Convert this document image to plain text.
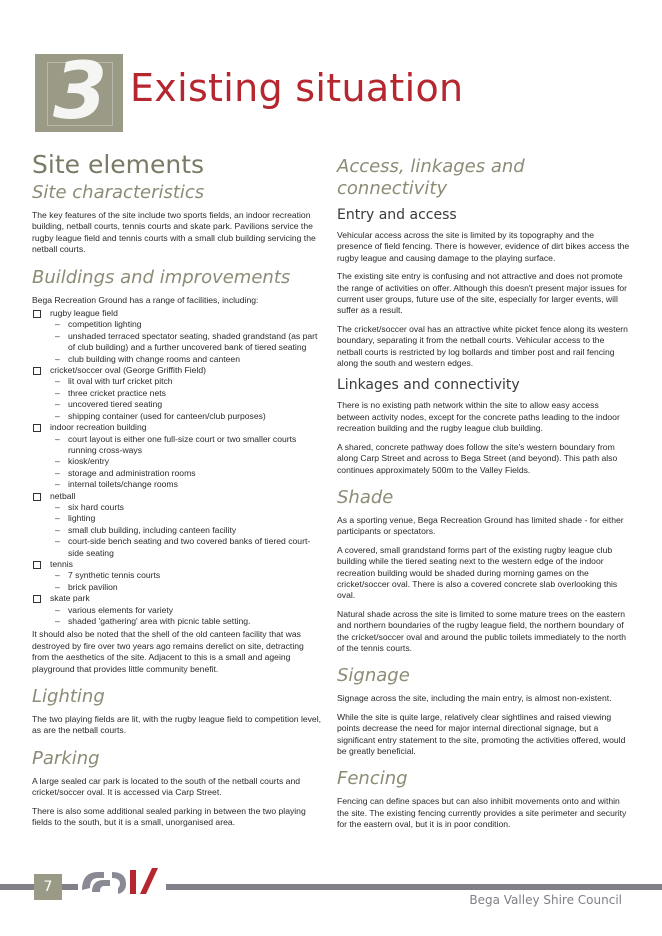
3 Existing situation
Site elements
Site characteristics

The key features of the site include two sports fields, an indoor recreation building, netball courts, tennis courts and skate park. Pavilions service the rugby league field and tennis courts with a small club building servicing the netball courts.

Buildings and improvements

Bega Recreation Ground has a range of facilities, including:

rugby league field
– competition lighting
– unshaded terraced spectator seating, shaded grandstand (as part of club building) and a further uncovered bank of tiered seating
– club building with change rooms and canteen
cricket/soccer oval (George Griffith Field)
– lit oval with turf cricket pitch
– three cricket practice nets
– uncovered tiered seating
– shipping container (used for canteen/club purposes)
indoor recreation building
– court layout is either one full-size court or two smaller courts running cross-ways
– kiosk/entry
– storage and administration rooms
– internal toilets/change rooms
netball
– six hard courts
– lighting
– small club building, including canteen facility
– court-side bench seating and two covered banks of tiered court-side seating
tennis
– 7 synthetic tennis courts
– brick pavilion
skate park
– various elements for variety
– shaded 'gathering' area with picnic table setting.

It should also be noted that the shell of the old canteen facility that was destroyed by fire over two years ago remains derelict on site, detracting from the aesthetics of the site. Adjacent to this is a small and ageing playground that provides little community benefit.

Lighting

The two playing fields are lit, with the rugby league field to competition level, as are the netball courts.

Parking

A large sealed car park is located to the south of the netball courts and cricket/soccer oval. It is accessed via Carp Street.

There is also some additional sealed parking in between the two playing fields to the south, but it is a small, unorganised area.

Access, linkages and connectivity
Entry and access

Vehicular access across the site is limited by its topography and the presence of field fencing. There is however, evidence of dirt bikes access the rugby league and causing damage to the playing surface.

The existing site entry is confusing and not attractive and does not promote the range of activities on offer. Although this doesn't present major issues for current user groups, future use of the site, especially for larger events, will suffer as a result.

The cricket/soccer oval has an attractive white picket fence along its western boundary, separating it from the netball courts. Vehicular access to the netball courts is restricted by log bollards and timber post and rail fencing along the south and western edges.

Linkages and connectivity

There is no existing path network within the site to allow easy access between activity nodes, except for the concrete paths leading to the indoor recreation building and the rugby league club building.

A shared, concrete pathway does follow the site's western boundary from along Carp Street and across to Bega Street (and beyond). This path also continues approximately 500m to the Valley Fields.

Shade

As a sporting venue, Bega Recreation Ground has limited shade - for either participants or spectators.

A covered, small grandstand forms part of the existing rugby league club building while the tiered seating next to the western edge of the indoor recreation building would be shaded during morning games on the cricket/soccer oval. There is also a covered concrete slab overlooking this oval.

Natural shade across the site is limited to some mature trees on the eastern and northern boundaries of the rugby league field, the northern boundary of the cricket/soccer oval and around the public toilets immediately to the north of the tennis courts.

Signage

Signage across the site, including the main entry, is almost non-existent.

While the site is quite large, relatively clear sightlines and raised viewing points decrease the need for major internal directional signage, but a significant entry statement to the site, promoting the activities offered, would be greatly beneficial.

Fencing

Fencing can define spaces but can also inhibit movements onto and within the site. The existing fencing currently provides a site perimeter and security for the eastern oval, but it is in poor condition.

7
Bega Valley Shire Council
